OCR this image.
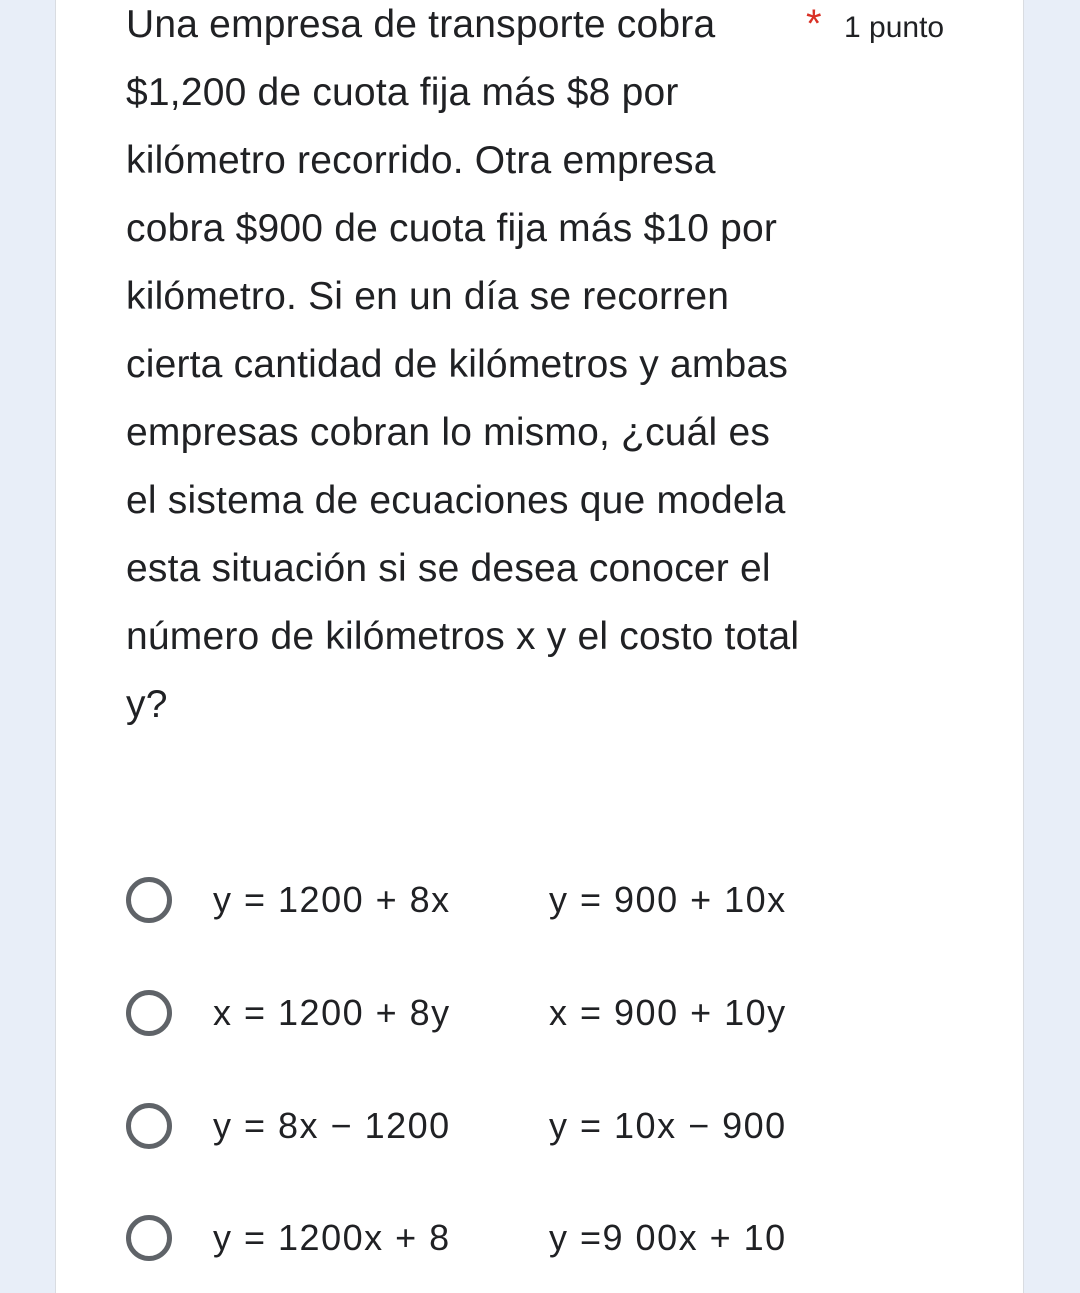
Una empresa de transporte cobra $1,200 de cuota fija más $8 por kilómetro recorrido. Otra empresa cobra $900 de cuota fija más $10 por kilómetro. Si en un día se recorren cierta cantidad de kilómetros y ambas empresas cobran lo mismo, ¿cuál es el sistema de ecuaciones que modela esta situación si se desea conocer el número de kilómetros x y el costo total y?
* 1 punto
y = 1200 + 8x	y = 900 + 10x
x = 1200 + 8y	x = 900 + 10y
y = 8x − 1200	y = 10x − 900
y = 1200x + 8	y =9 00x + 10
